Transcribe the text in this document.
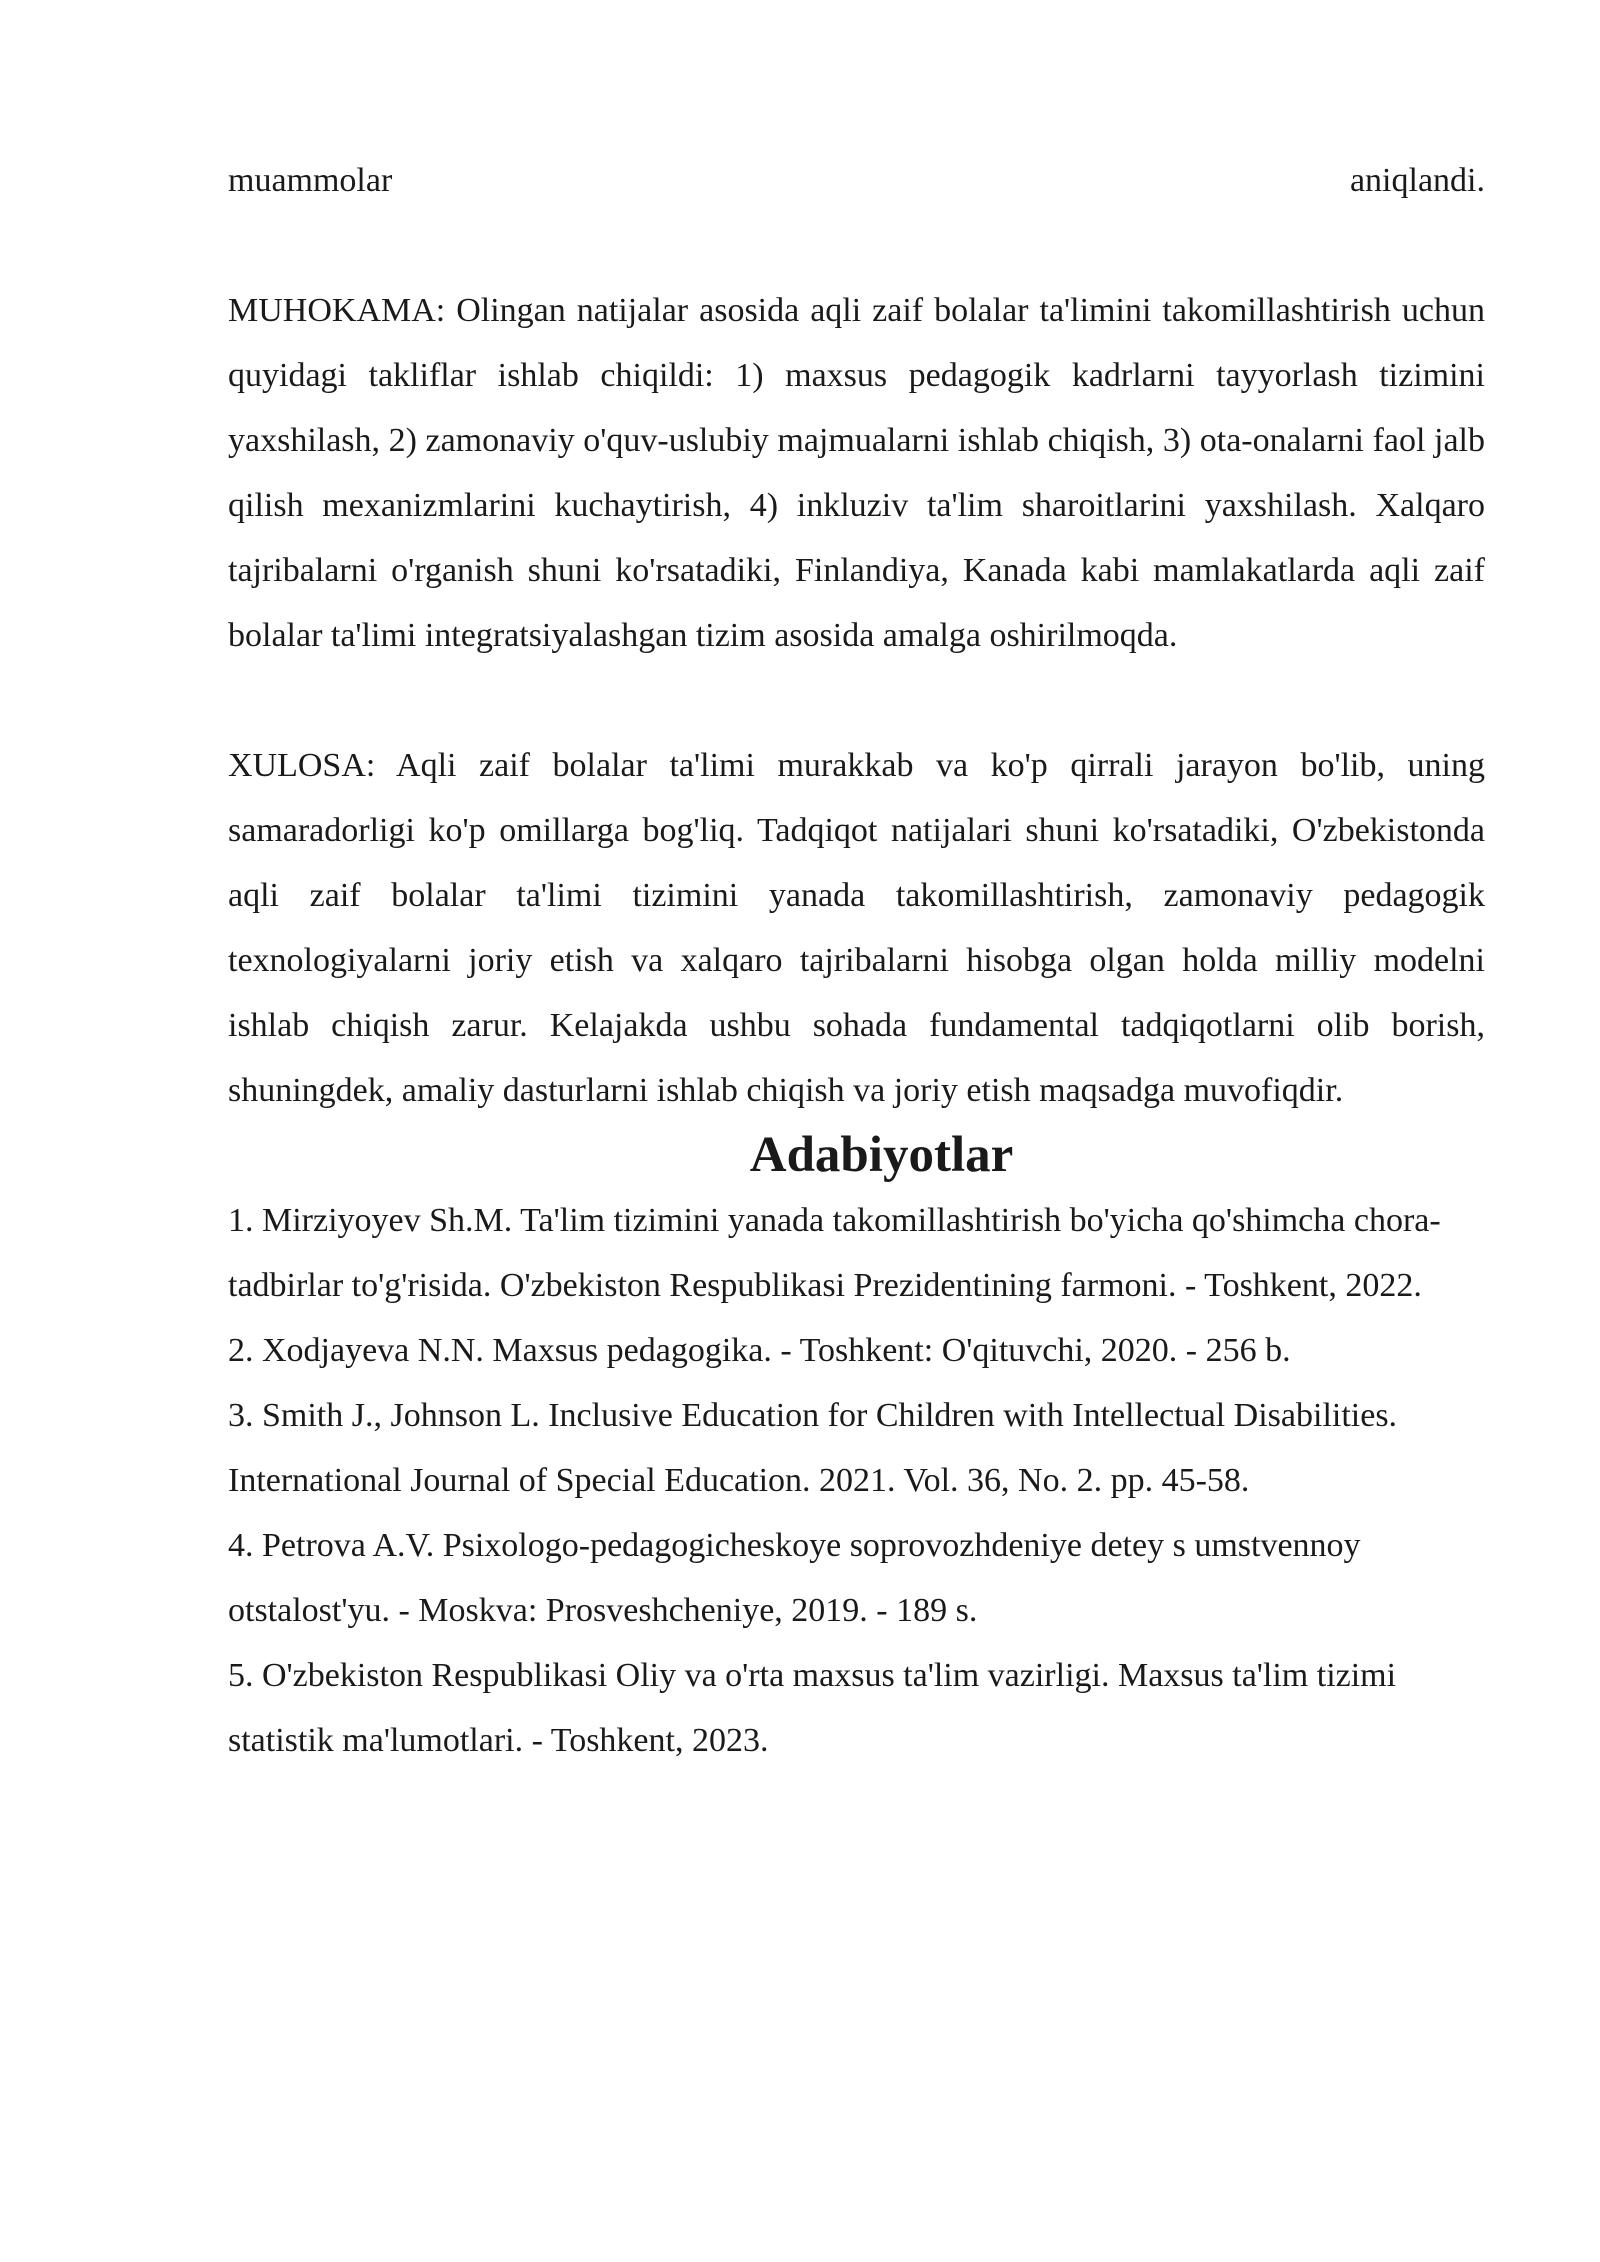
muammolar	aniqlandi.

MUHOKAMA: Olingan natijalar asosida aqli zaif bolalar ta'limini takomillashtirish uchun quyidagi takliflar ishlab chiqildi: 1) maxsus pedagogik kadrlarni tayyorlash tizimini yaxshilash, 2) zamonaviy o'quv-uslubiy majmualarni ishlab chiqish, 3) ota-onalarni faol jalb qilish mexanizmlarini kuchaytirish, 4) inkluziv ta'lim sharoitlarini yaxshilash. Xalqaro tajribalarni o'rganish shuni ko'rsatadiki, Finlandiya, Kanada kabi mamlakatlarda aqli zaif bolalar ta'limi integratsiyalashgan tizim asosida amalga oshirilmoqda.

XULOSA: Aqli zaif bolalar ta'limi murakkab va ko'p qirrali jarayon bo'lib, uning samaradorligi ko'p omillarga bog'liq. Tadqiqot natijalari shuni ko'rsatadiki, O'zbekistonda aqli zaif bolalar ta'limi tizimini yanada takomillashtirish, zamonaviy pedagogik texnologiyalarni joriy etish va xalqaro tajribalarni hisobga olgan holda milliy modelni ishlab chiqish zarur. Kelajakda ushbu sohada fundamental tadqiqotlarni olib borish, shuningdek, amaliy dasturlarni ishlab chiqish va joriy etish maqsadga muvofiqdir.

Adabiyotlar
1. Mirziyoyev Sh.M. Ta'lim tizimini yanada takomillashtirish bo'yicha qo'shimcha chora-tadbirlar to'g'risida. O'zbekiston Respublikasi Prezidentining farmoni. - Toshkent, 2022.
2. Xodjayeva N.N. Maxsus pedagogika. - Toshkent: O'qituvchi, 2020. - 256 b.
3. Smith J., Johnson L. Inclusive Education for Children with Intellectual Disabilities. International Journal of Special Education. 2021. Vol. 36, No. 2. pp. 45-58.
4. Petrova A.V. Psixologo-pedagogicheskoye soprovozhdeniye detey s umstvennoy otstalost'yu. - Moskva: Prosveshcheniye, 2019. - 189 s.
5. O'zbekiston Respublikasi Oliy va o'rta maxsus ta'lim vazirligi. Maxsus ta'lim tizimi statistik ma'lumotlari. - Toshkent, 2023.
